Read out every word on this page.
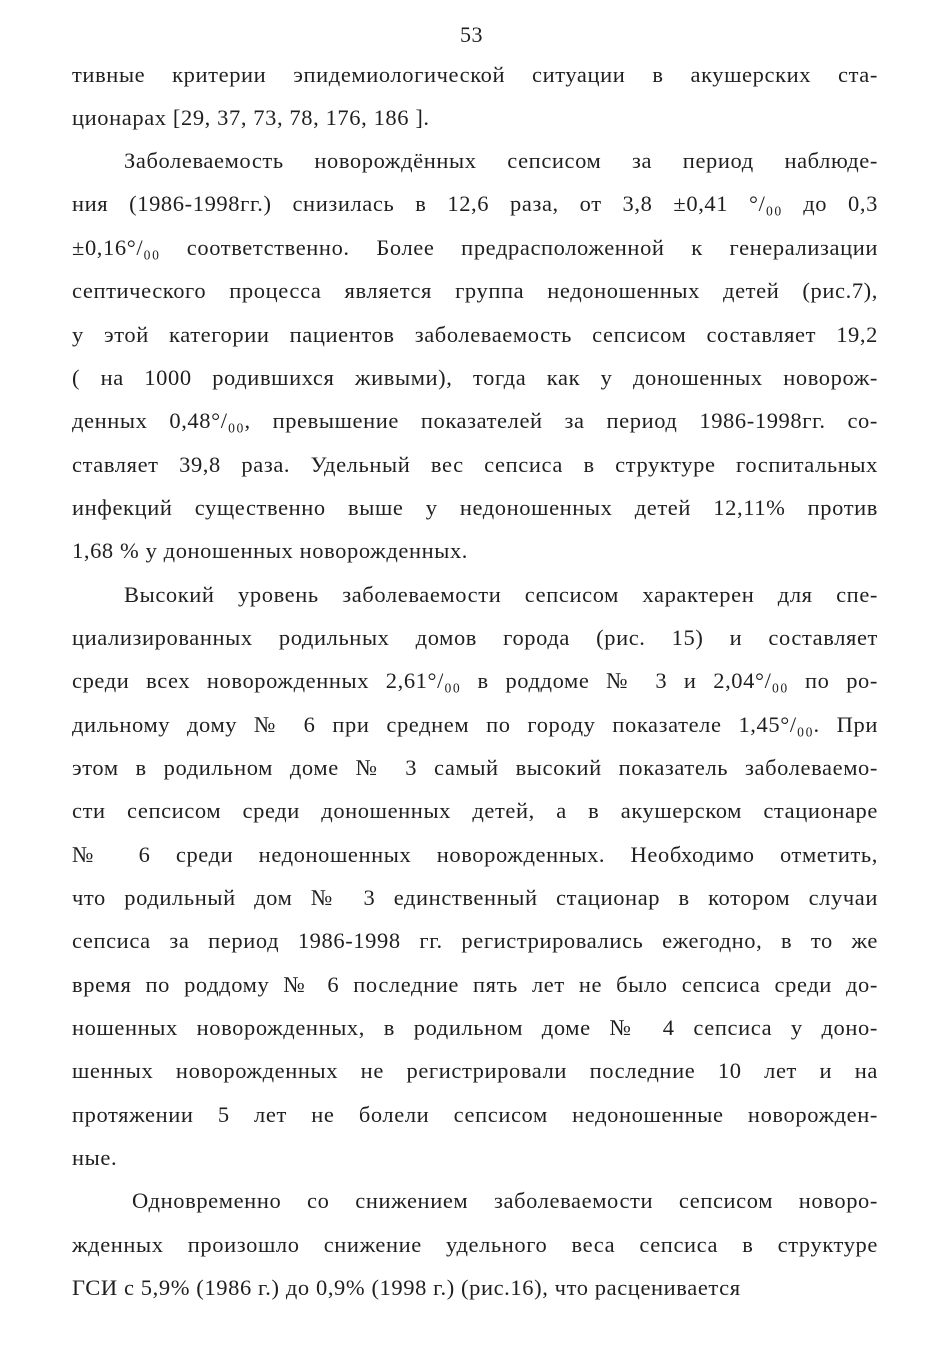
53
тивные критерии эпидемиологической ситуации в акушерских ста-
ционарах [29, 37, 73, 78, 176, 186 ].
Заболеваемость новорождённых сепсисом за период наблюде-
ния (1986-1998гг.) снизилась в 12,6 раза, от 3,8 ±0,41 °/₀₀ до 0,3
±0,16°/₀₀ соответственно. Более предрасположенной к генерализации
септического процесса является группа недоношенных детей (рис.7),
у этой категории пациентов заболеваемость сепсисом составляет 19,2
( на 1000 родившихся живыми), тогда как у доношенных новорож-
денных 0,48°/₀₀, превышение показателей за период 1986-1998гг. со-
ставляет 39,8 раза. Удельный вес сепсиса в структуре госпитальных
инфекций существенно выше у недоношенных детей 12,11% против
1,68 % у доношенных новорожденных.
Высокий уровень заболеваемости сепсисом характерен для спе-
циализированных родильных домов города (рис. 15) и составляет
среди всех новорожденных 2,61°/₀₀ в роддоме № 3 и 2,04°/₀₀ по ро-
дильному дому № 6 при среднем по городу показателе 1,45°/₀₀. При
этом в родильном доме № 3 самый высокий показатель заболеваемо-
сти сепсисом среди доношенных детей, а в акушерском стационаре
№ 6 среди недоношенных новорожденных. Необходимо отметить,
что родильный дом № 3 единственный стационар в котором случаи
сепсиса за период 1986-1998 гг. регистрировались ежегодно, в то же
время по роддому № 6 последние пять лет не было сепсиса среди до-
ношенных новорожденных, в родильном доме № 4 сепсиса у доно-
шенных новорожденных не регистрировали последние 10 лет и на
протяжении 5 лет не болели сепсисом недоношенные новорожден-
ные.
Одновременно со снижением заболеваемости сепсисом новоро-
жденных произошло снижение удельного веса сепсиса в структуре
ГСИ с 5,9% (1986 г.) до 0,9% (1998 г.) (рис.16), что расценивается
